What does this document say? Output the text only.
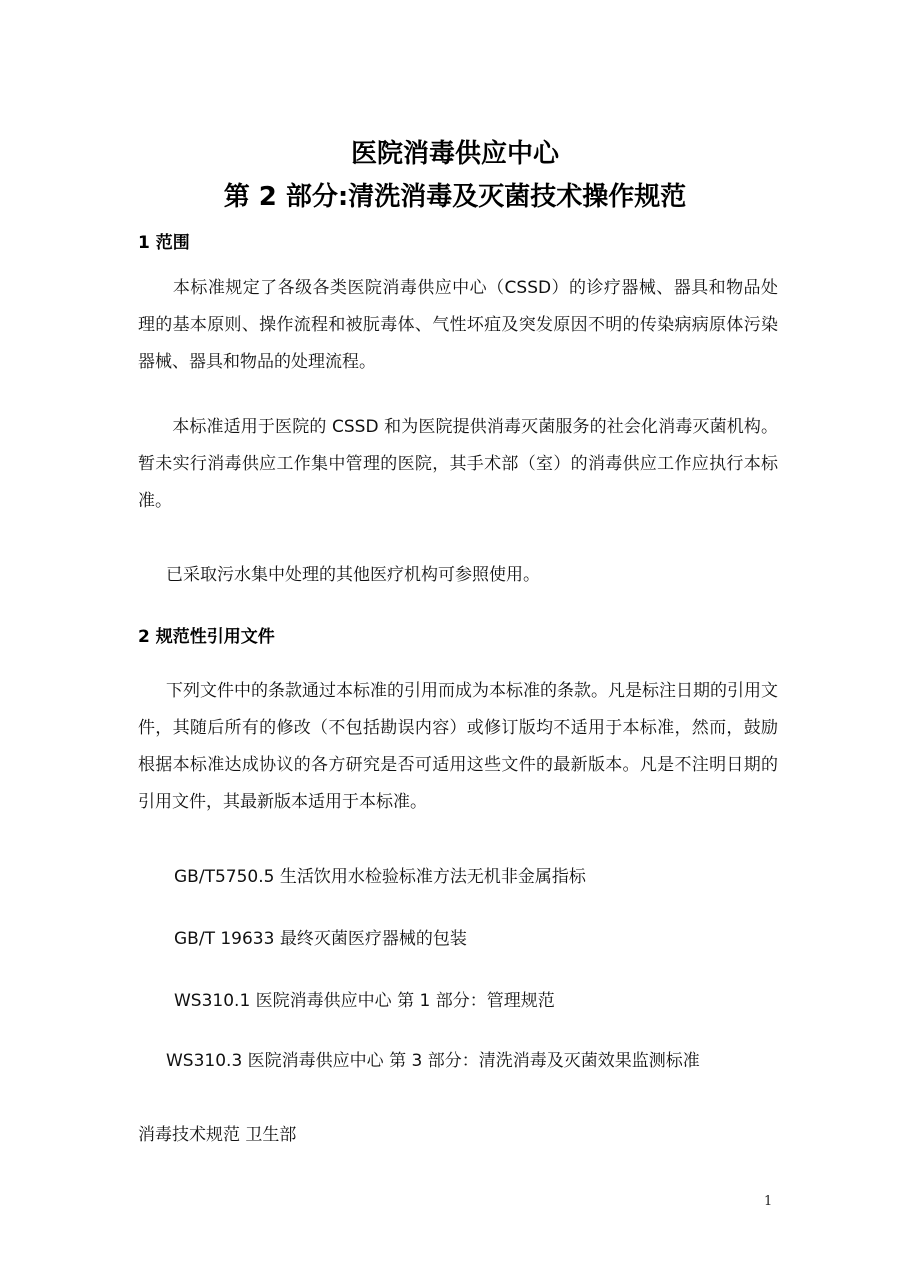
医院消毒供应中心
第 2 部分:清洗消毒及灭菌技术操作规范
1 范围
　　本标准规定了各级各类医院消毒供应中心（CSSD）的诊疗器械、器具和物品处理的基本原则、操作流程和被朊毒体、气性坏疽及突发原因不明的传染病病原体污染器械、器具和物品的处理流程。
　　本标准适用于医院的 CSSD 和为医院提供消毒灭菌服务的社会化消毒灭菌机构。暂未实行消毒供应工作集中管理的医院，其手术部（室）的消毒供应工作应执行本标准。
已采取污水集中处理的其他医疗机构可参照使用。
2 规范性引用文件
下列文件中的条款通过本标准的引用而成为本标准的条款。凡是标注日期的引用文件，其随后所有的修改（不包括勘误内容）或修订版均不适用于本标准，然而，鼓励根据本标准达成协议的各方研究是否可适用这些文件的最新版本。凡是不注明日期的引用文件，其最新版本适用于本标准。
GB/T5750.5 生活饮用水检验标准方法无机非金属指标
GB/T 19633 最终灭菌医疗器械的包装
WS310.1 医院消毒供应中心 第 1 部分：管理规范
WS310.3 医院消毒供应中心 第 3 部分：清洗消毒及灭菌效果监测标准
消毒技术规范 卫生部
1
